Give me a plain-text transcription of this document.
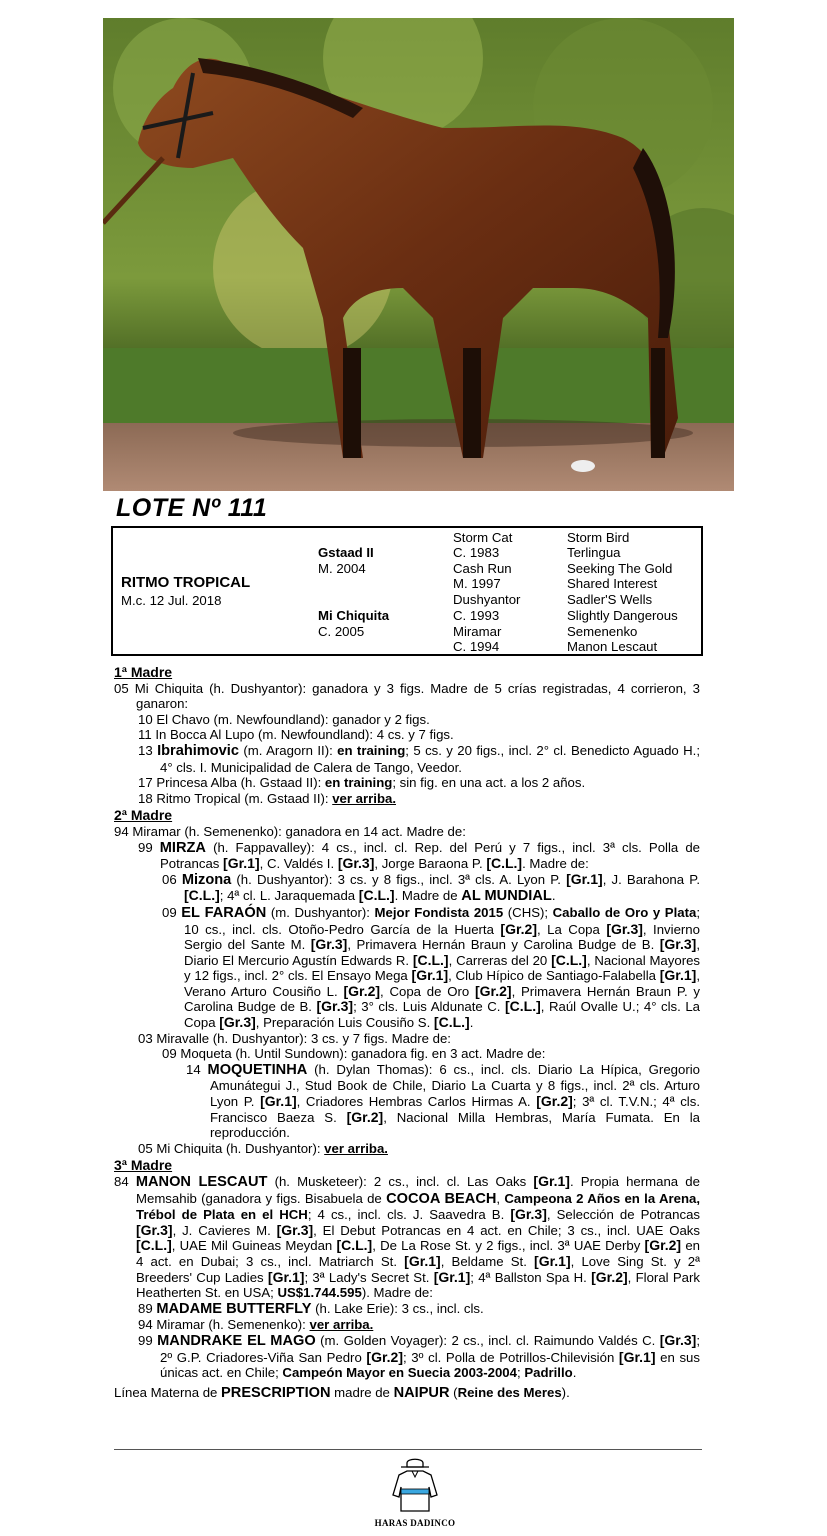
LOTE Nº 111
RITMO TROPICAL
M.c. 12 Jul. 2018
Gstaad II
M. 2004
Mi Chiquita
C. 2005
Storm Cat
C. 1983
Cash Run
M. 1997
Dushyantor
C. 1993
Miramar
C. 1994
Storm Bird
Terlingua
Seeking The Gold
Shared Interest
Sadler'S Wells
Slightly Dangerous
Semenenko
Manon Lescaut

1ª Madre

05 Mi Chiquita (h. Dushyantor): ganadora y 3 figs. Madre de 5 crías registradas, 4 corrieron, 3 ganaron:

10 El Chavo (m. Newfoundland): ganador y 2 figs.

11 In Bocca Al Lupo (m. Newfoundland): 4 cs. y 7 figs.

13 Ibrahimovic (m. Aragorn II): en training; 5 cs. y 20 figs., incl. 2° cl. Benedicto Aguado H.; 4° cls. I. Municipalidad de Calera de Tango, Veedor.

17 Princesa Alba (h. Gstaad II): en training; sin fig. en una act. a los 2 años.

18 Ritmo Tropical (m. Gstaad II): ver arriba.

2ª Madre

94 Miramar (h. Semenenko): ganadora en 14 act. Madre de:

99 MIRZA (h. Fappavalley): 4 cs., incl. cl. Rep. del Perú y 7 figs., incl. 3ª cls. Polla de Potrancas [Gr.1], C. Valdés I. [Gr.3], Jorge Baraona P. [C.L.]. Madre de:

06 Mizona (h. Dushyantor): 3 cs. y 8 figs., incl. 3ª cls. A. Lyon P. [Gr.1], J. Barahona P. [C.L.]; 4ª cl. L. Jaraquemada [C.L.]. Madre de AL MUNDIAL.

09 EL FARAÓN (m. Dushyantor): Mejor Fondista 2015 (CHS); Caballo de Oro y Plata; 10 cs., incl. cls. Otoño-Pedro García de la Huerta [Gr.2], La Copa [Gr.3], Invierno Sergio del Sante M. [Gr.3], Primavera Hernán Braun y Carolina Budge de B. [Gr.3], Diario El Mercurio Agustín Edwards R. [C.L.], Carreras del 20 [C.L.], Nacional Mayores y 12 figs., incl. 2° cls. El Ensayo Mega [Gr.1], Club Hípico de Santiago-Falabella [Gr.1], Verano Arturo Cousiño L. [Gr.2], Copa de Oro [Gr.2], Primavera Hernán Braun P. y Carolina Budge de B. [Gr.3]; 3° cls. Luis Aldunate C. [C.L.], Raúl Ovalle U.; 4° cls. La Copa [Gr.3], Preparación Luis Cousiño S. [C.L.].

03 Miravalle (h. Dushyantor): 3 cs. y 7 figs. Madre de:

09 Moqueta (h. Until Sundown): ganadora fig. en 3 act. Madre de:

14 MOQUETINHA (h. Dylan Thomas): 6 cs., incl. cls. Diario La Hípica, Gregorio Amunátegui J., Stud Book de Chile, Diario La Cuarta y 8 figs., incl. 2ª cls. Arturo Lyon P. [Gr.1], Criadores Hembras Carlos Hirmas A. [Gr.2]; 3ª cl. T.V.N.; 4ª cls. Francisco Baeza S. [Gr.2], Nacional Milla Hembras, María Fumata. En la reproducción.

05 Mi Chiquita (h. Dushyantor): ver arriba.

3ª Madre

84 MANON LESCAUT (h. Musketeer): 2 cs., incl. cl. Las Oaks [Gr.1]. Propia hermana de Memsahib (ganadora y figs. Bisabuela de COCOA BEACH, Campeona 2 Años en la Arena, Trébol de Plata en el HCH; 4 cs., incl. cls. J. Saavedra B. [Gr.3], Selección de Potrancas [Gr.3], J. Cavieres M. [Gr.3], El Debut Potrancas en 4 act. en Chile; 3 cs., incl. UAE Oaks [C.L.], UAE Mil Guineas Meydan [C.L.], De La Rose St. y 2 figs., incl. 3ª UAE Derby [Gr.2] en 4 act. en Dubai; 3 cs., incl. Matriarch St. [Gr.1], Beldame St. [Gr.1], Love Sing St. y 2ª Breeders' Cup Ladies [Gr.1]; 3ª Lady's Secret St. [Gr.1]; 4ª Ballston Spa H. [Gr.2], Floral Park Heatherten St. en USA; US$1.744.595). Madre de:

89 MADAME BUTTERFLY (h. Lake Erie): 3 cs., incl. cls.

94 Miramar (h. Semenenko): ver arriba.

99 MANDRAKE EL MAGO (m. Golden Voyager): 2 cs., incl. cl. Raimundo Valdés C. [Gr.3]; 2º G.P. Criadores-Viña San Pedro [Gr.2]; 3º cl. Polla de Potrillos-Chilevisión [Gr.1] en sus únicas act. en Chile; Campeón Mayor en Suecia 2003-2004; Padrillo.

Línea Materna de PRESCRIPTION madre de NAIPUR (Reine des Meres).

HARAS DADINCO
